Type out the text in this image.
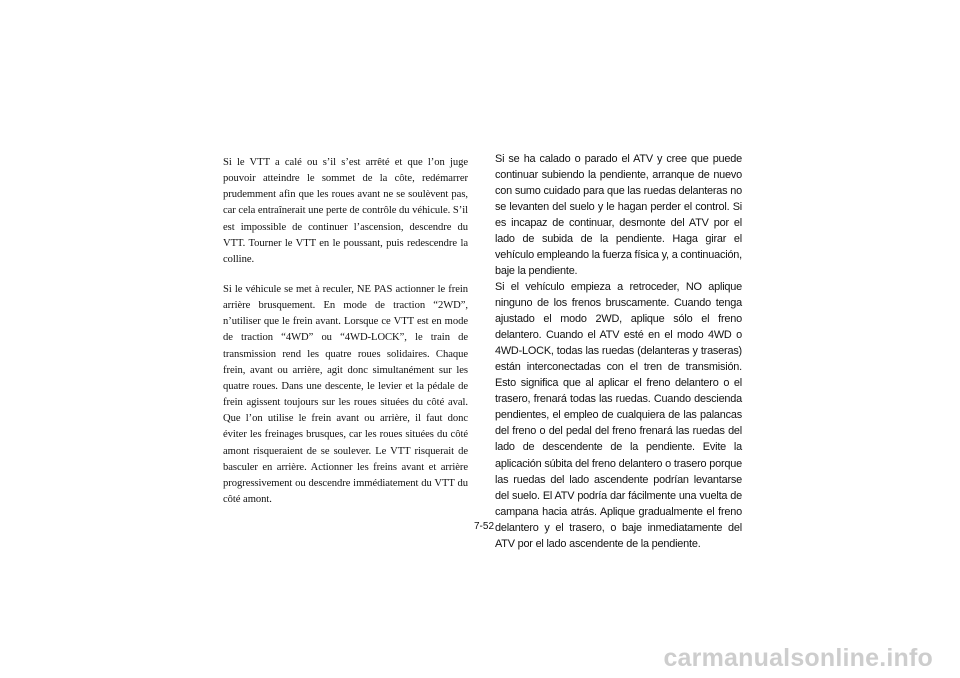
Si le VTT a calé ou s’il s’est arrêté et que l’on juge pouvoir atteindre le sommet de la côte, redémarrer prudemment afin que les roues avant ne se soulèvent pas, car cela entraînerait une perte de contrôle du véhicule. S’il est impossible de continuer l’ascension, descendre du VTT. Tourner le VTT en le poussant, puis redescendre la colline.

Si le véhicule se met à reculer, NE PAS actionner le frein arrière brusquement. En mode de traction “2WD”, n’utiliser que le frein avant. Lorsque ce VTT est en mode de traction “4WD” ou “4WD-LOCK”, le train de transmission rend les quatre roues solidaires. Chaque frein, avant ou arrière, agit donc simultanément sur les quatre roues. Dans une descente, le levier et la pédale de frein agissent toujours sur les roues situées du côté aval. Que l’on utilise le frein avant ou arrière, il faut donc éviter les freinages brusques, car les roues situées du côté amont risqueraient de se soulever. Le VTT risquerait de basculer en arrière. Actionner les freins avant et arrière progressivement ou descendre immédiatement du VTT du côté amont.

Si se ha calado o parado el ATV y cree que puede continuar subiendo la pendiente, arranque de nuevo con sumo cuidado para que las ruedas delanteras no se levanten del suelo y le hagan perder el control. Si es incapaz de continuar, desmonte del ATV por el lado de subida de la pendiente. Haga girar el vehículo empleando la fuerza física y, a continuación, baje la pendiente.

Si el vehículo empieza a retroceder, NO aplique ninguno de los frenos bruscamente. Cuando tenga ajustado el modo 2WD, aplique sólo el freno delantero. Cuando el ATV esté en el modo 4WD o 4WD-LOCK, todas las ruedas (delanteras y traseras) están interconectadas con el tren de transmisión. Esto significa que al aplicar el freno delantero o el trasero, frenará todas las ruedas. Cuando descienda pendientes, el empleo de cualquiera de las palancas del freno o del pedal del freno frenará las ruedas del lado de descendente de la pendiente. Evite la aplicación súbita del freno delantero o trasero porque las ruedas del lado ascendente podrían levantarse del suelo. El ATV podría dar fácilmente una vuelta de campana hacia atrás. Aplique gradualmente el freno delantero y el trasero, o baje inmediatamente del ATV por el lado ascendente de la pendiente.

7-52
carmanualsonline.info
